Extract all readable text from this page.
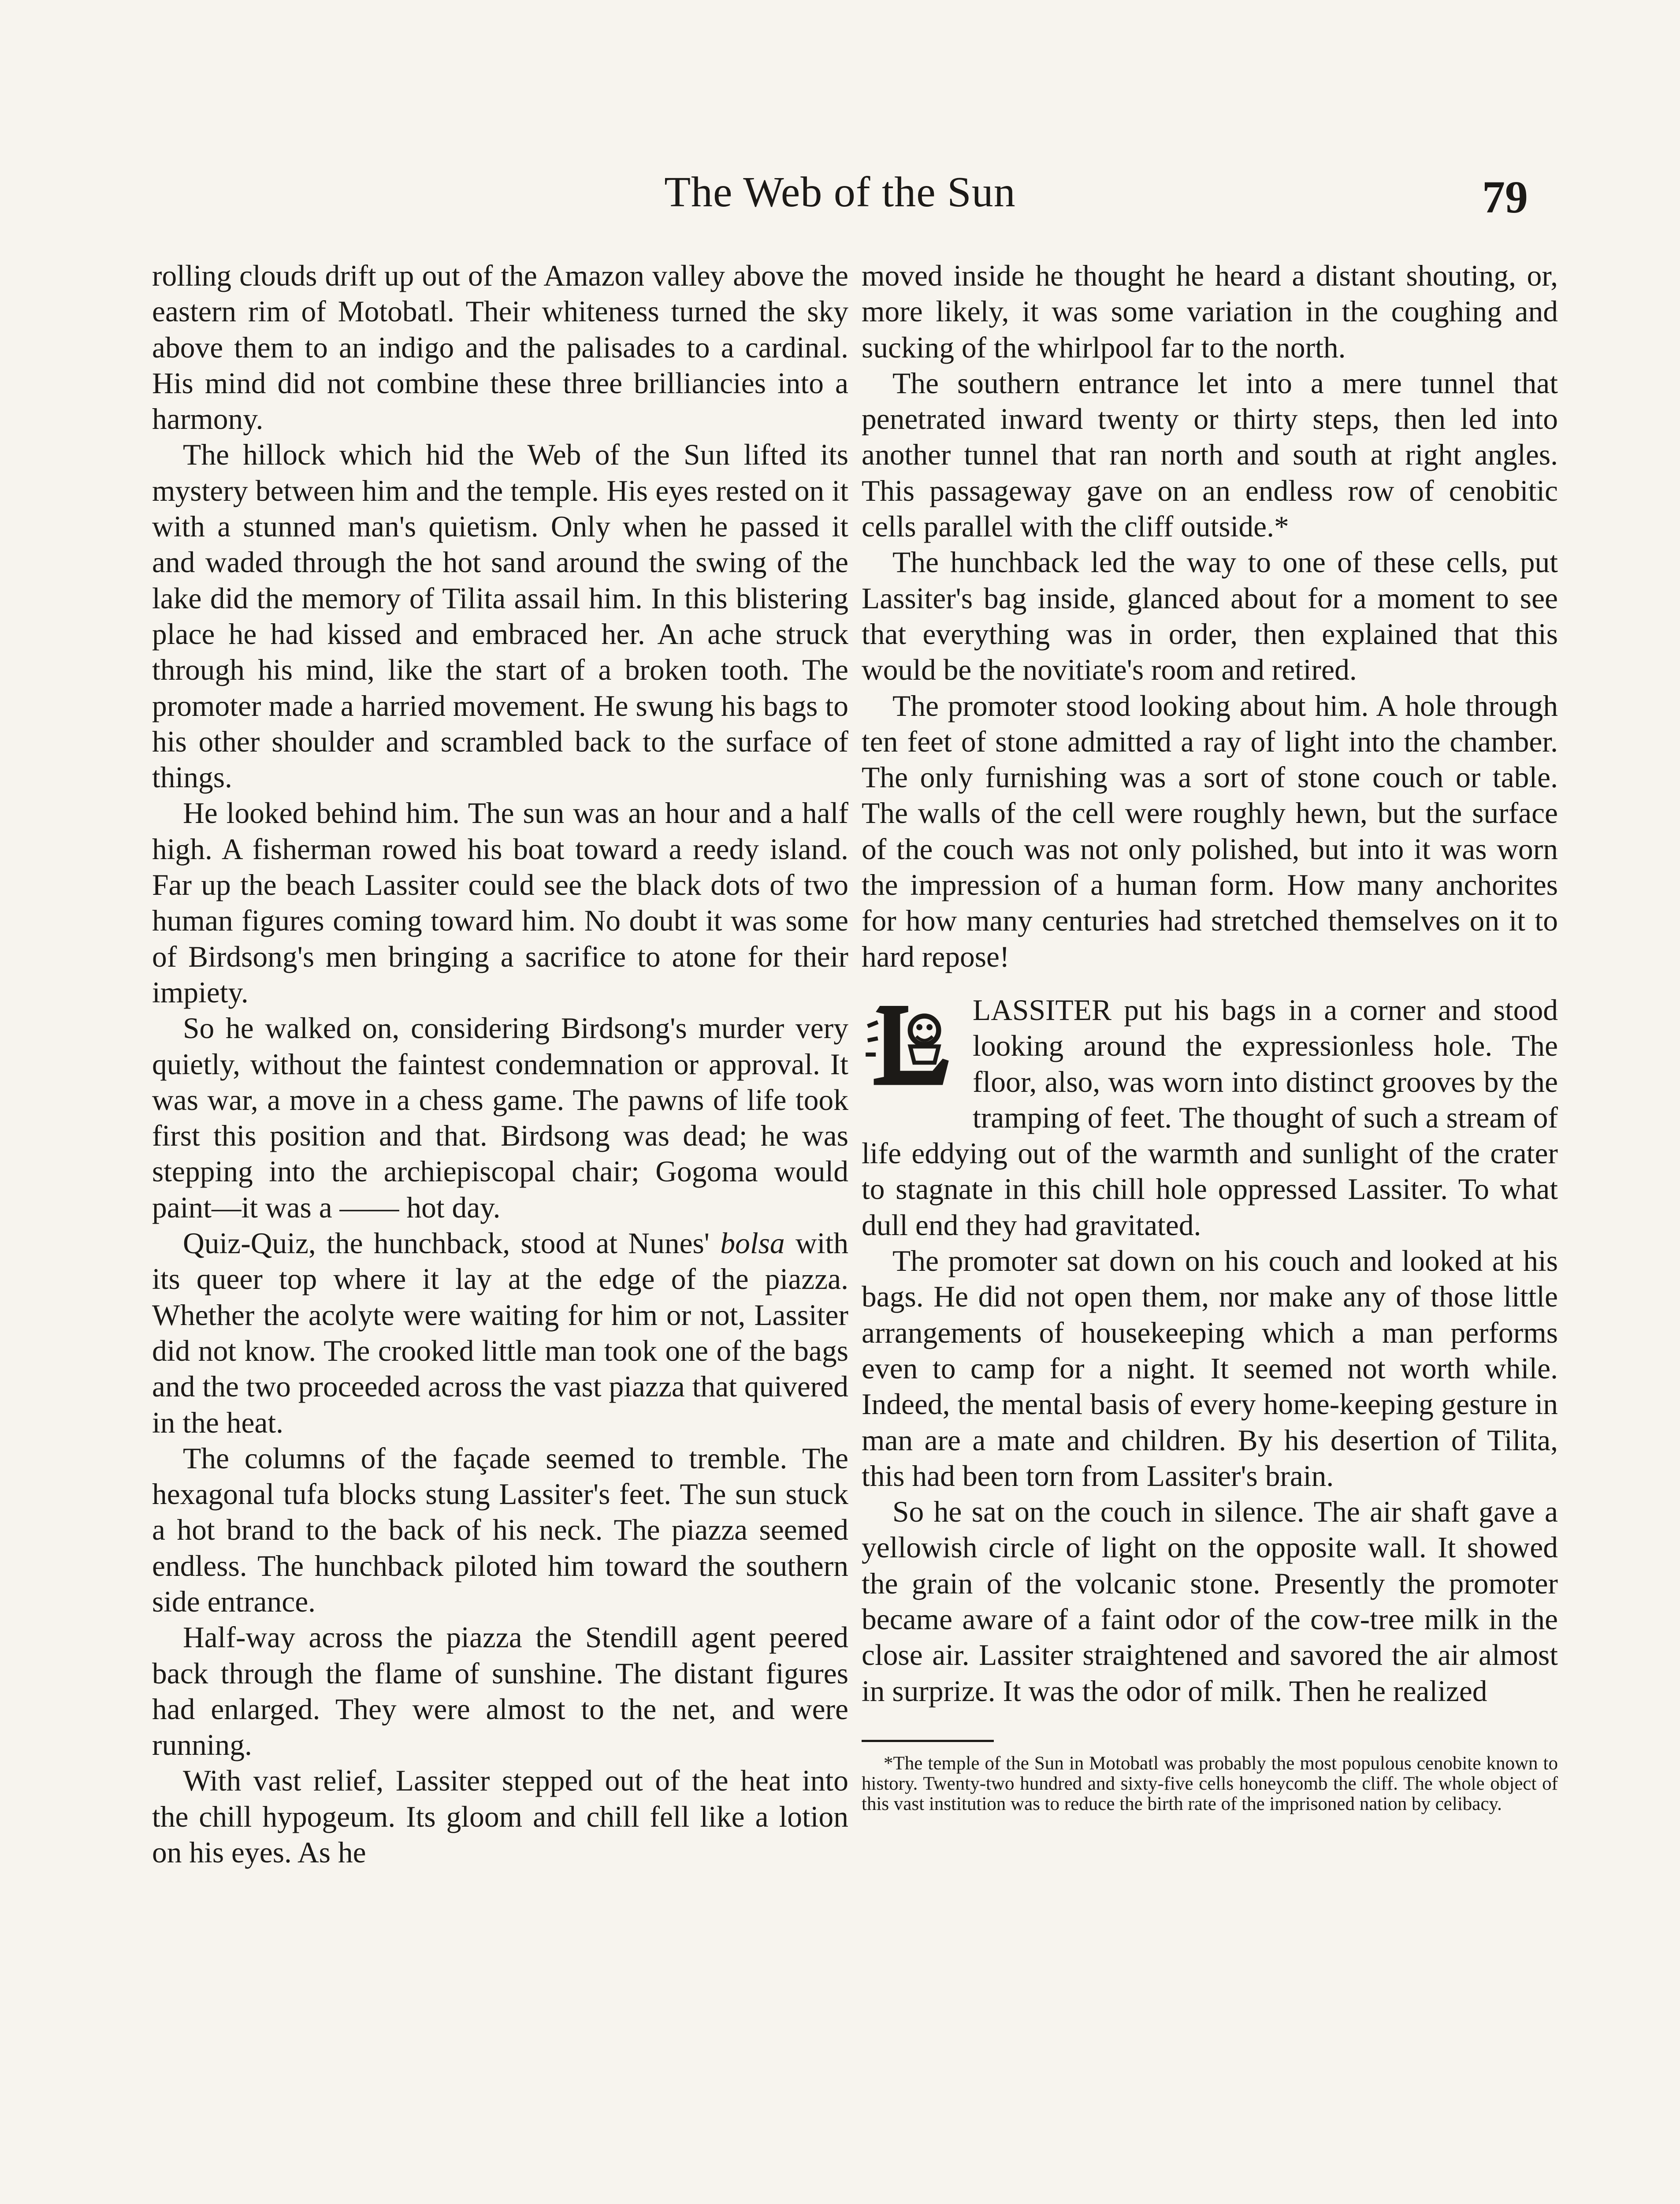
The Web of the Sun	79

rolling clouds drift up out of the Amazon valley above the eastern rim of Motobatl. Their whiteness turned the sky above them to an indigo and the palisades to a cardinal. His mind did not combine these three brilliancies into a harmony.

The hillock which hid the Web of the Sun lifted its mystery between him and the temple. His eyes rested on it with a stunned man's quietism. Only when he passed it and waded through the hot sand around the swing of the lake did the memory of Tilita assail him. In this blistering place he had kissed and embraced her. An ache struck through his mind, like the start of a broken tooth. The promoter made a harried movement. He swung his bags to his other shoulder and scrambled back to the surface of things.

He looked behind him. The sun was an hour and a half high. A fisherman rowed his boat toward a reedy island. Far up the beach Lassiter could see the black dots of two human figures coming toward him. No doubt it was some of Birdsong's men bringing a sacrifice to atone for their impiety.

So he walked on, considering Birdsong's murder very quietly, without the faintest condemnation or approval. It was war, a move in a chess game. The pawns of life took first this position and that. Birdsong was dead; he was stepping into the archiepiscopal chair; Gogoma would paint—it was a —— hot day.

Quiz-Quiz, the hunchback, stood at Nunes' bolsa with its queer top where it lay at the edge of the piazza. Whether the acolyte were waiting for him or not, Lassiter did not know. The crooked little man took one of the bags and the two proceeded across the vast piazza that quivered in the heat.

The columns of the façade seemed to tremble. The hexagonal tufa blocks stung Lassiter's feet. The sun stuck a hot brand to the back of his neck. The piazza seemed endless. The hunchback piloted him toward the southern side entrance.

Half-way across the piazza the Stendill agent peered back through the flame of sunshine. The distant figures had enlarged. They were almost to the net, and were running.

With vast relief, Lassiter stepped out of the heat into the chill hypogeum. Its gloom and chill fell like a lotion on his eyes. As he

moved inside he thought he heard a distant shouting, or, more likely, it was some variation in the coughing and sucking of the whirlpool far to the north.

The southern entrance let into a mere tunnel that penetrated inward twenty or thirty steps, then led into another tunnel that ran north and south at right angles. This passageway gave on an endless row of cenobitic cells parallel with the cliff outside.*

The hunchback led the way to one of these cells, put Lassiter's bag inside, glanced about for a moment to see that everything was in order, then explained that this would be the novitiate's room and retired.

The promoter stood looking about him. A hole through ten feet of stone admitted a ray of light into the chamber. The only furnishing was a sort of stone couch or table. The walls of the cell were roughly hewn, but the surface of the couch was not only polished, but into it was worn the impression of a human form. How many anchorites for how many centuries had stretched themselves on it to hard repose!

LASSITER put his bags in a corner and stood looking around the expressionless hole. The floor, also, was worn into distinct grooves by the tramping of feet. The thought of such a stream of life eddying out of the warmth and sunlight of the crater to stagnate in this chill hole oppressed Lassiter. To what dull end they had gravitated.

The promoter sat down on his couch and looked at his bags. He did not open them, nor make any of those little arrangements of housekeeping which a man performs even to camp for a night. It seemed not worth while. Indeed, the mental basis of every home-keeping gesture in man are a mate and children. By his desertion of Tilita, this had been torn from Lassiter's brain.

So he sat on the couch in silence. The air shaft gave a yellowish circle of light on the opposite wall. It showed the grain of the volcanic stone. Presently the promoter became aware of a faint odor of the cow-tree milk in the close air. Lassiter straightened and savored the air almost in surprize. It was the odor of milk. Then he realized

*The temple of the Sun in Motobatl was probably the most populous cenobite known to history. Twenty-two hundred and sixty-five cells honeycomb the cliff. The whole object of this vast institution was to reduce the birth rate of the imprisoned nation by celibacy.
